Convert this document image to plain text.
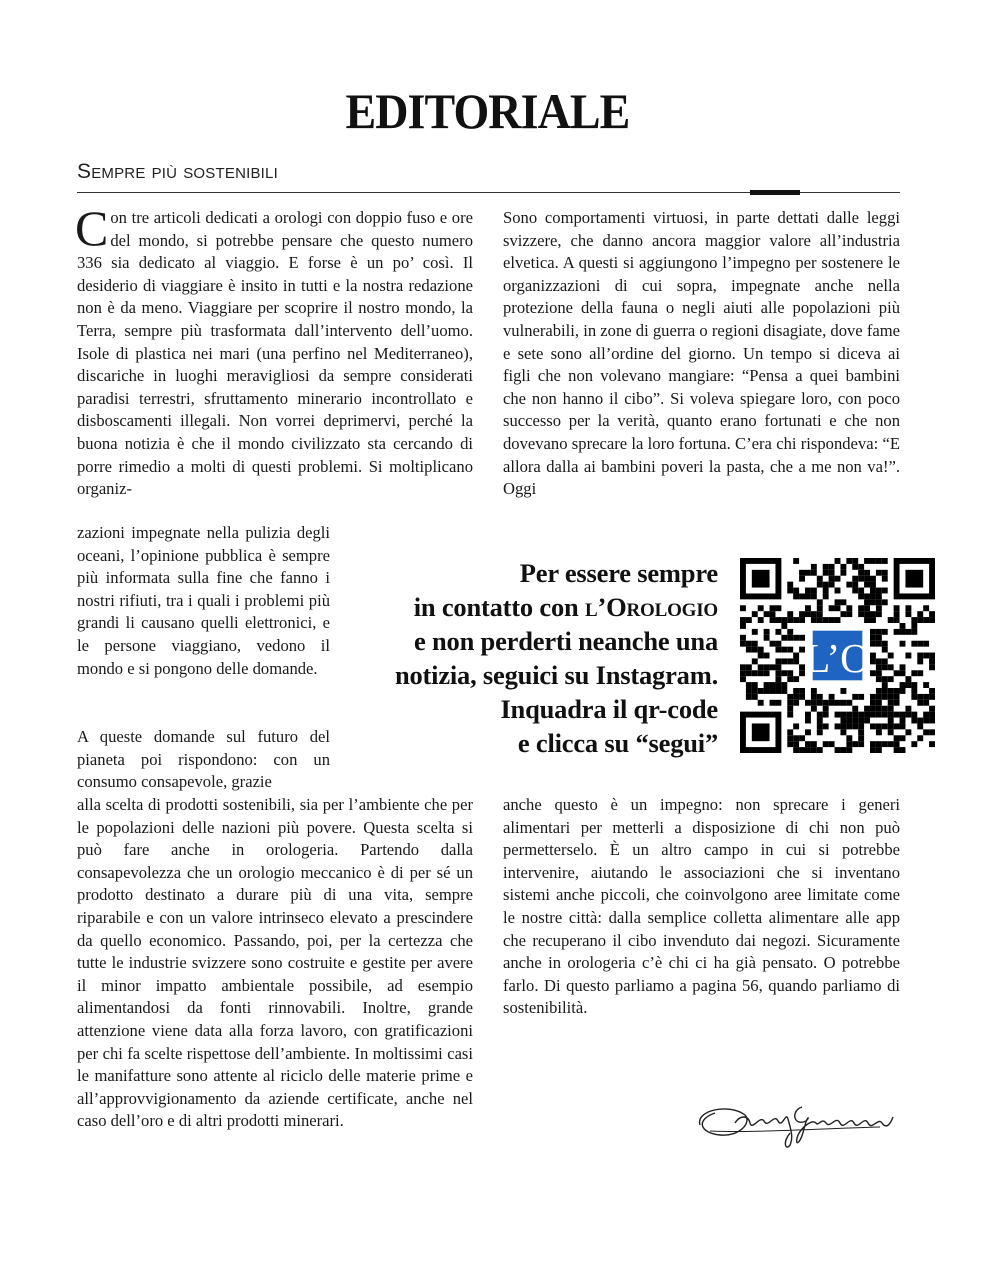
EDITORIALE
Sempre più sostenibili

Con tre articoli dedicati a orologi con doppio fuso e ore del mondo, si potrebbe pensare che questo numero 336 sia dedicato al viaggio. E forse è un po’ così. Il desiderio di viaggiare è insito in tutti e la nostra redazione non è da meno. Viaggiare per scoprire il nostro mondo, la Terra, sempre più trasformata dall’intervento dell’uomo. Isole di plastica nei mari (una perfino nel Mediterraneo), discariche in luoghi meravigliosi da sempre considerati paradisi terrestri, sfruttamento minerario incontrollato e disboscamenti illegali. Non vorrei deprimervi, perché la buona notizia è che il mondo civilizzato sta cercando di porre rimedio a molti di questi problemi. Si moltiplicano organiz-

zazioni impegnate nella pulizia degli oceani, l’opinione pubblica è sempre più informata sulla fine che fanno i nostri rifiuti, tra i quali i problemi più grandi li causano quelli elettronici, e le persone viaggiano, vedono il mondo e si pongono delle domande.

A queste domande sul futuro del pianeta poi rispondono: con un consumo consapevole, grazie

alla scelta di prodotti sostenibili, sia per l’ambiente che per le popolazioni delle nazioni più povere. Questa scelta si può fare anche in orologeria. Partendo dalla consapevolezza che un orologio meccanico è di per sé un prodotto destinato a durare più di una vita, sempre riparabile e con un valore intrinseco elevato a prescindere da quello economico. Passando, poi, per la certezza che tutte le industrie svizzere sono costruite e gestite per avere il minor impatto ambientale possibile, ad esempio alimentandosi da fonti rinnovabili. Inoltre, grande attenzione viene data alla forza lavoro, con gratificazioni per chi fa scelte rispettose dell’ambiente. In moltissimi casi le manifatture sono attente al riciclo delle materie prime e all’approvvigionamento da aziende certificate, anche nel caso dell’oro e di altri prodotti minerari.

Sono comportamenti virtuosi, in parte dettati dalle leggi svizzere, che danno ancora maggior valore all’industria elvetica. A questi si aggiungono l’impegno per sostenere le organizzazioni di cui sopra, impegnate anche nella protezione della fauna o negli aiuti alle popolazioni più vulnerabili, in zone di guerra o regioni disagiate, dove fame e sete sono all’ordine del giorno. Un tempo si diceva ai figli che non volevano mangiare: “Pensa a quei bambini che non hanno il cibo”. Si voleva spiegare loro, con poco successo per la verità, quanto erano fortunati e che non dovevano sprecare la loro fortuna. C’era chi rispondeva: “E allora dalla ai bambini poveri la pasta, che a me non va!”. Oggi

anche questo è un impegno: non sprecare i generi alimentari per metterli a disposizione di chi non può permetterselo. È un altro campo in cui si potrebbe intervenire, aiutando le associazioni che si inventano sistemi anche piccoli, che coinvolgono aree limitate come le nostre città: dalla semplice colletta alimentare alle app che recuperano il cibo invenduto dai negozi. Sicuramente anche in orologeria c’è chi ci ha già pensato. O potrebbe farlo. Di questo parliamo a pagina 56, quando parliamo di sostenibilità.

Per essere sempre
in contatto con l’Orologio
e non perderti neanche una
notizia, seguici su Instagram.
Inquadra il qr-code
e clicca su “segui”
L’O
